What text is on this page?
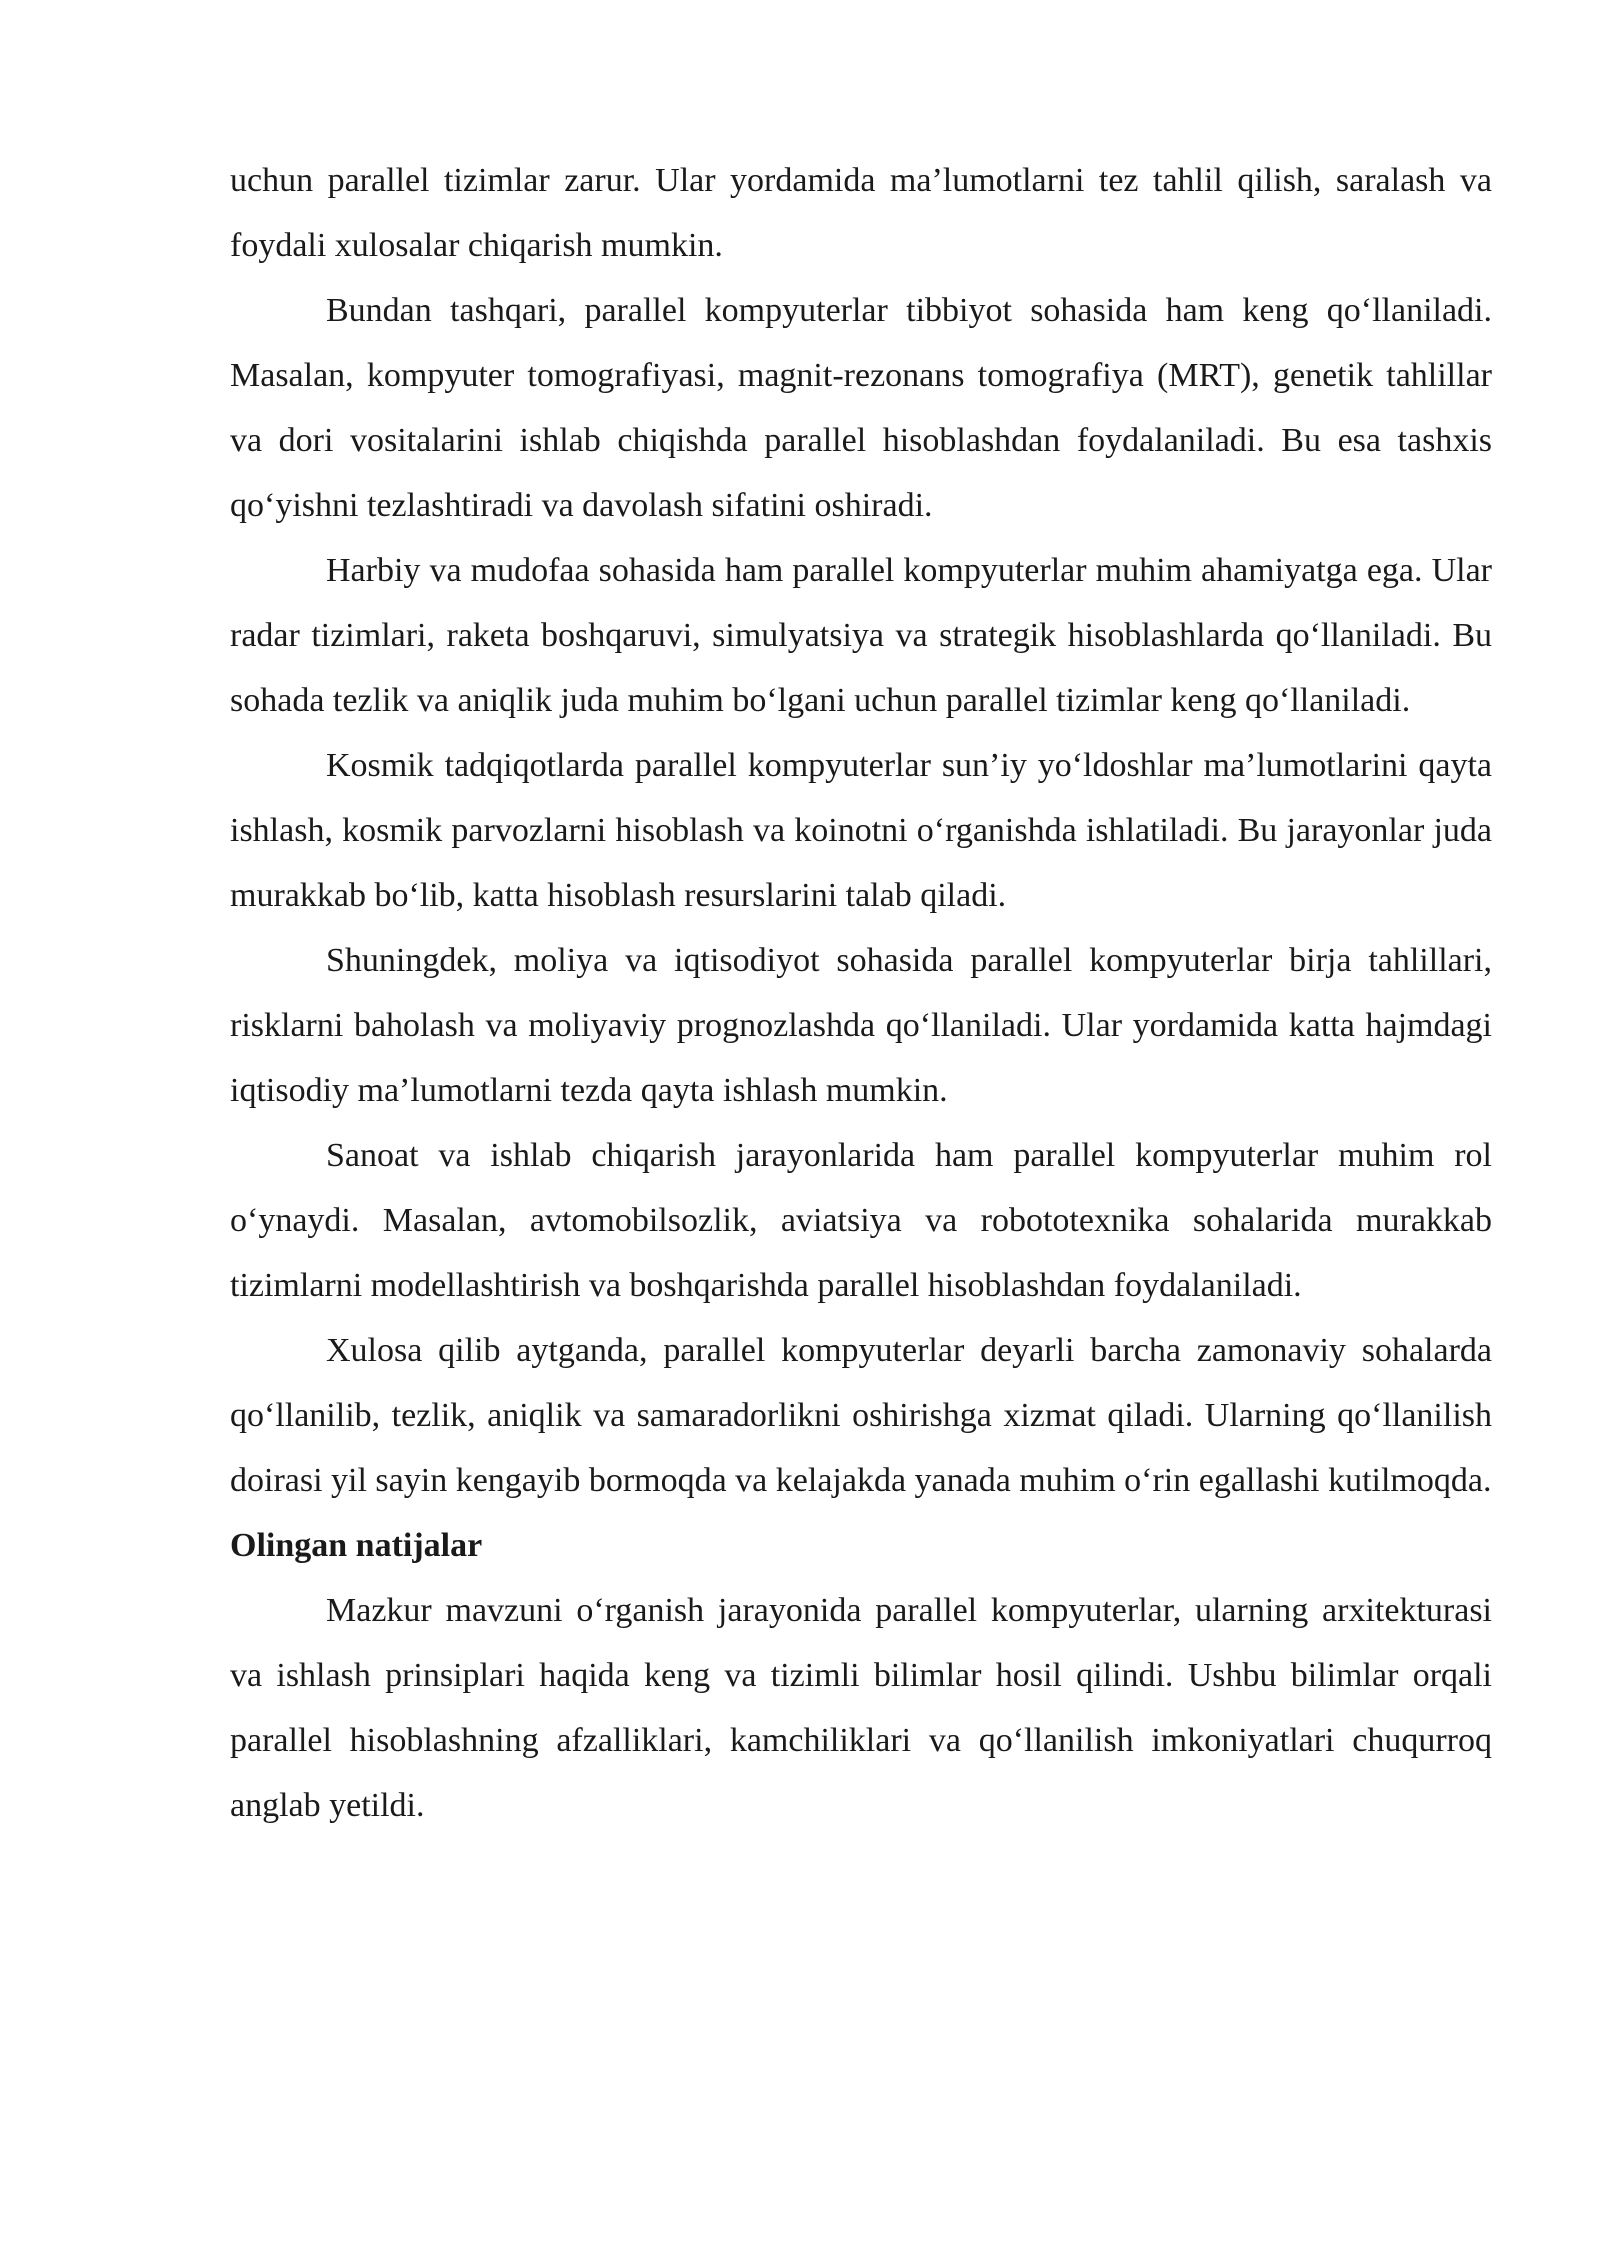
uchun parallel tizimlar zarur. Ular yordamida ma’lumotlarni tez tahlil qilish, saralash va foydali xulosalar chiqarish mumkin.

Bundan tashqari, parallel kompyuterlar tibbiyot sohasida ham keng qo‘llaniladi. Masalan, kompyuter tomografiyasi, magnit-rezonans tomografiya (MRT), genetik tahlillar va dori vositalarini ishlab chiqishda parallel hisoblashdan foydalaniladi. Bu esa tashxis qo‘yishni tezlashtiradi va davolash sifatini oshiradi.

Harbiy va mudofaa sohasida ham parallel kompyuterlar muhim ahamiyatga ega. Ular radar tizimlari, raketa boshqaruvi, simulyatsiya va strategik hisoblashlarda qo‘llaniladi. Bu sohada tezlik va aniqlik juda muhim bo‘lgani uchun parallel tizimlar keng qo‘llaniladi.

Kosmik tadqiqotlarda parallel kompyuterlar sun’iy yo‘ldoshlar ma’lumotlarini qayta ishlash, kosmik parvozlarni hisoblash va koinotni o‘rganishda ishlatiladi. Bu jarayonlar juda murakkab bo‘lib, katta hisoblash resurslarini talab qiladi.

Shuningdek, moliya va iqtisodiyot sohasida parallel kompyuterlar birja tahlillari, risklarni baholash va moliyaviy prognozlashda qo‘llaniladi. Ular yordamida katta hajmdagi iqtisodiy ma’lumotlarni tezda qayta ishlash mumkin.

Sanoat va ishlab chiqarish jarayonlarida ham parallel kompyuterlar muhim rol o‘ynaydi. Masalan, avtomobilsozlik, aviatsiya va robototexnika sohalarida murakkab tizimlarni modellashtirish va boshqarishda parallel hisoblashdan foydalaniladi.

Xulosa qilib aytganda, parallel kompyuterlar deyarli barcha zamonaviy sohalarda qo‘llanilib, tezlik, aniqlik va samaradorlikni oshirishga xizmat qiladi. Ularning qo‘llanilish doirasi yil sayin kengayib bormoqda va kelajakda yanada muhim o‘rin egallashi kutilmoqda.

Olingan natijalar

Mazkur mavzuni o‘rganish jarayonida parallel kompyuterlar, ularning arxitekturasi va ishlash prinsiplari haqida keng va tizimli bilimlar hosil qilindi. Ushbu bilimlar orqali parallel hisoblashning afzalliklari, kamchiliklari va qo‘llanilish imkoniyatlari chuqurroq anglab yetildi.
